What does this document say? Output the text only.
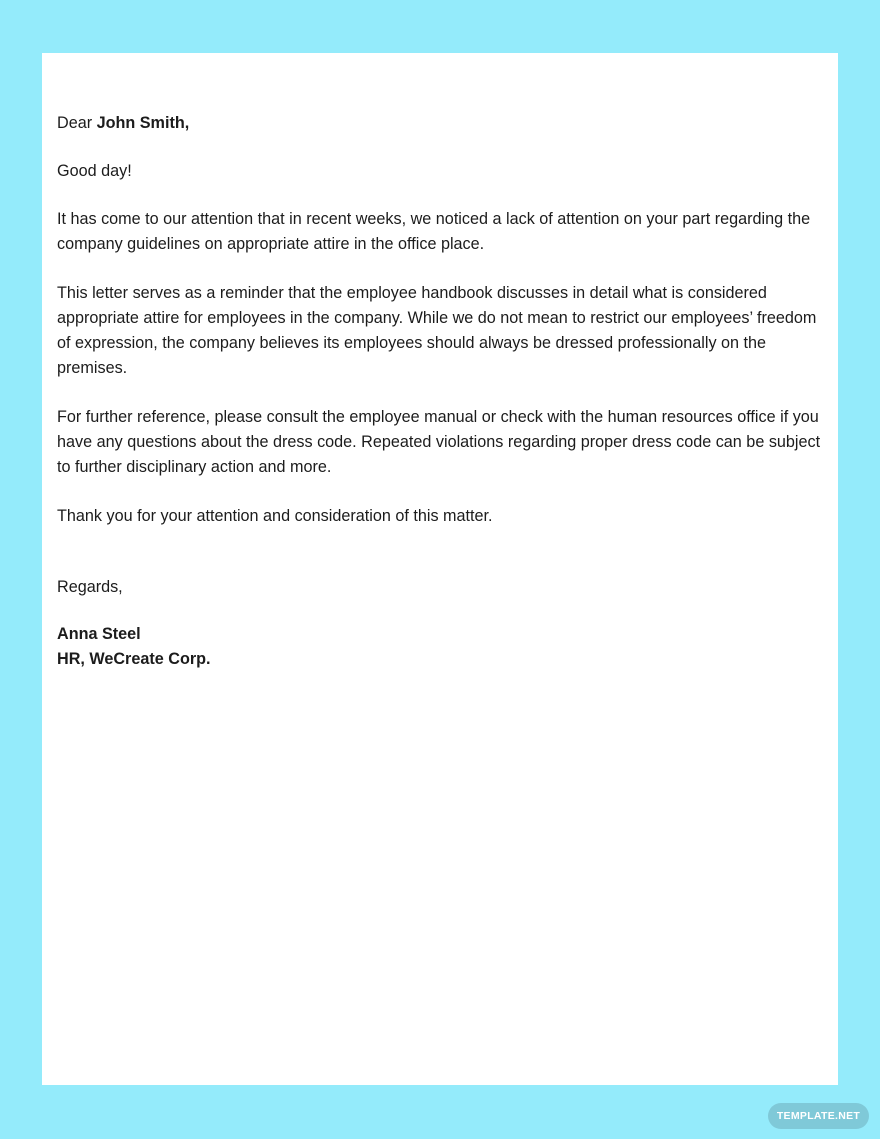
Dear John Smith,

Good day!

It has come to our attention that in recent weeks, we noticed a lack of attention on your part regarding the company guidelines on appropriate attire in the office place.

This letter serves as a reminder that the employee handbook discusses in detail what is considered appropriate attire for employees in the company. While we do not mean to restrict our employees’ freedom of expression, the company believes its employees should always be dressed professionally on the premises.

For further reference, please consult the employee manual or check with the human resources office if you have any questions about the dress code. Repeated violations regarding proper dress code can be subject to further disciplinary action and more.

Thank you for your attention and consideration of this matter.

Regards,

Anna Steel

HR, WeCreate Corp.

TEMPLATE.NET
